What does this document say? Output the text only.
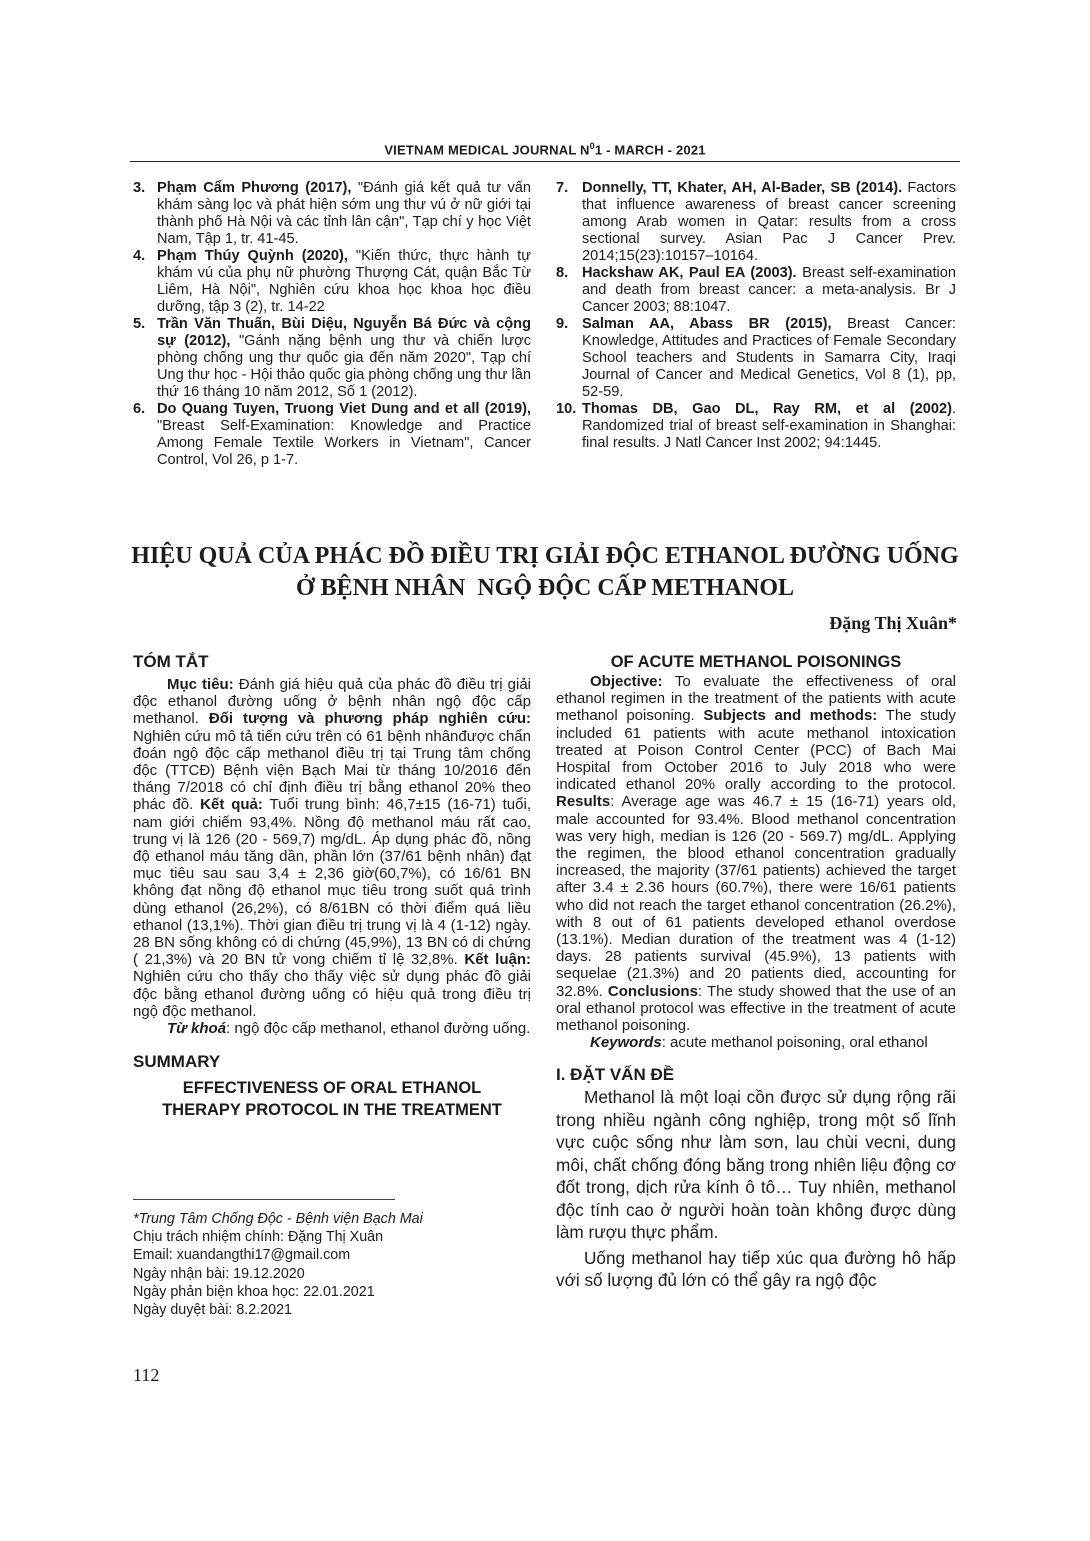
VIETNAM MEDICAL JOURNAL $N^01$ - MARCH - 2021
3. Phạm Cẩm Phương (2017), "Đánh giá kết quả tư vấn khám sàng lọc và phát hiện sớm ung thư vú ở nữ giới tại thành phố Hà Nội và các tỉnh lân cận", Tạp chí y học Việt Nam, Tập 1, tr. 41-45.
4. Phạm Thúy Quỳnh (2020), "Kiến thức, thực hành tự khám vú của phụ nữ phường Thượng Cát, quận Bắc Từ Liêm, Hà Nội", Nghiên cứu khoa học khoa học điều dưỡng, tập 3 (2), tr. 14-22
5. Trần Văn Thuấn, Bùi Diệu, Nguyễn Bá Đức và cộng sự (2012), "Gánh nặng bệnh ung thư và chiến lược phòng chống ung thư quốc gia đến năm 2020", Tạp chí Ung thư học - Hội thảo quốc gia phòng chống ung thư lần thứ 16 tháng 10 năm 2012, Số 1 (2012).
6. Do Quang Tuyen, Truong Viet Dung and et all (2019), "Breast Self-Examination: Knowledge and Practice Among Female Textile Workers in Vietnam", Cancer Control, Vol 26, p 1-7.
7. Donnelly, TT, Khater, AH, Al-Bader, SB (2014). Factors that influence awareness of breast cancer screening among Arab women in Qatar: results from a cross sectional survey. Asian Pac J Cancer Prev. 2014;15(23):10157–10164.
8. Hackshaw AK, Paul EA (2003). Breast self-examination and death from breast cancer: a meta-analysis. Br J Cancer 2003; 88:1047.
9. Salman AA, Abass BR (2015), Breast Cancer: Knowledge, Attitudes and Practices of Female Secondary School teachers and Students in Samarra City, Iraqi Journal of Cancer and Medical Genetics, Vol 8 (1), pp, 52-59.
10. Thomas DB, Gao DL, Ray RM, et al (2002). Randomized trial of breast self-examination in Shanghai: final results. J Natl Cancer Inst 2002; 94:1445.
HIỆU QUẢ CỦA PHÁC ĐỒ ĐIỀU TRỊ GIẢI ĐỘC ETHANOL ĐƯỜNG UỐNG
Ở BỆNH NHÂN  NGỘ ĐỘC CẤP METHANOL
Đặng Thị Xuân*
TÓM TẮT

Mục tiêu: Đánh giá hiệu quả của phác đồ điều trị giải độc ethanol đường uống ở bệnh nhân ngộ độc cấp methanol. Đối tượng và phương pháp nghiên cứu: Nghiên cứu mô tả tiến cứu trên có 61 bệnh nhânđược chẩn đoán ngộ độc cấp methanol điều trị tại Trung tâm chống độc (TTCĐ) Bệnh viện Bạch Mai từ tháng 10/2016 đến tháng 7/2018 có chỉ định điều trị bằng ethanol 20% theo phác đồ. Kết quả: Tuổi trung bình: 46,7±15 (16-71) tuổi, nam giới chiếm 93,4%. Nồng độ methanol máu rất cao, trung vị là 126 (20 - 569,7) mg/dL. Áp dụng phác đồ, nồng độ ethanol máu tăng dần, phần lớn (37/61 bệnh nhân) đạt mục tiêu sau sau 3,4 ± 2,36 giờ(60,7%), có 16/61 BN không đạt nồng độ ethanol mục tiêu trong suốt quá trình dùng ethanol (26,2%), có 8/61BN có thời điểm quá liều ethanol (13,1%). Thời gian điều trị trung vị là 4 (1-12) ngày. 28 BN sống không có di chứng (45,9%), 13 BN có di chứng ( 21,3%) và 20 BN tử vong chiếm tỉ lệ 32,8%. Kết luận: Nghiên cứu cho thấy cho thấy việc sử dụng phác đồ giải độc bằng ethanol đường uống có hiệu quả trong điều trị ngộ độc methanol.

Từ khoá: ngộ độc cấp methanol, ethanol đường uống.

SUMMARY

EFFECTIVENESS OF ORAL ETHANOL

THERAPY PROTOCOL IN THE TREATMENT

OF ACUTE METHANOL POISONINGS

Objective: To evaluate the effectiveness of oral ethanol regimen in the treatment of the patients with acute methanol poisoning. Subjects and methods: The study included 61 patients with acute methanol intoxication treated at Poison Control Center (PCC) of Bach Mai Hospital from October 2016 to July 2018 who were indicated ethanol 20% orally according to the protocol. Results: Average age was 46.7 ± 15 (16-71) years old, male accounted for 93.4%. Blood methanol concentration was very high, median is 126 (20 - 569.7) mg/dL. Applying the regimen, the blood ethanol concentration gradually increased, the majority (37/61 patients) achieved the target after 3.4 ± 2.36 hours (60.7%), there were 16/61 patients who did not reach the target ethanol concentration (26.2%), with 8 out of 61 patients developed ethanol overdose (13.1%). Median duration of the treatment was 4 (1-12) days. 28 patients survival (45.9%), 13 patients with sequelae (21.3%) and 20 patients died, accounting for 32.8%. Conclusions: The study showed that the use of an oral ethanol protocol was effective in the treatment of acute methanol poisoning.

Keywords: acute methanol poisoning, oral ethanol

I. ĐẶT VẤN ĐỀ

Methanol là một loại cồn được sử dụng rộng rãi trong nhiều ngành công nghiệp, trong một số lĩnh vực cuộc sống như làm sơn, lau chùi vecni, dung môi, chất chống đóng băng trong nhiên liệu động cơ đốt trong, dịch rửa kính ô tô… Tuy nhiên, methanol độc tính cao ở người hoàn toàn không được dùng làm rượu thực phẩm.

Uống methanol hay tiếp xúc qua đường hô hấp với số lượng đủ lớn có thể gây ra ngộ độc

*Trung Tâm Chống Độc - Bệnh viện Bạch Mai
Chịu trách nhiệm chính: Đặng Thị Xuân
Email: xuandangthi17@gmail.com
Ngày nhận bài: 19.12.2020
Ngày phản biện khoa học: 22.01.2021
Ngày duyệt bài: 8.2.2021
112
